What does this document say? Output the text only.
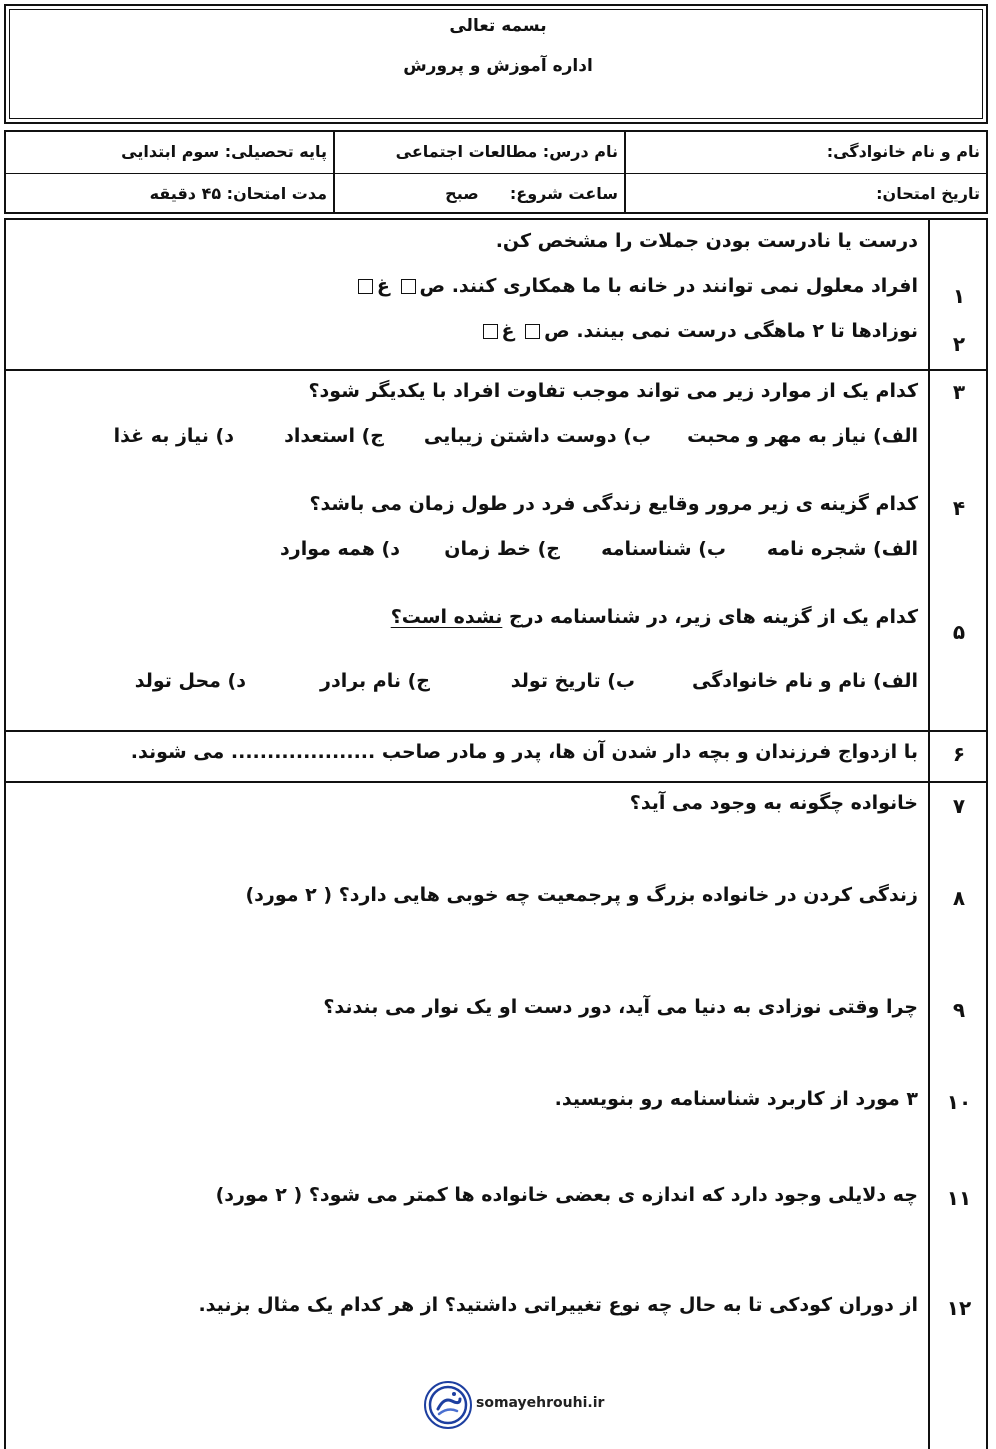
بسمه تعالی
اداره آموزش و پرورش
نام و نام خانوادگی:
نام درس: مطالعات اجتماعی
پایه تحصیلی: سوم ابتدایی
تاریخ امتحان:
ساعت شروع:  صبح
مدت امتحان: ۴۵ دقیقه
درست یا نادرست بودن جملات را مشخص کن.
۱
افراد معلول نمی توانند در خانه با ما همکاری کنند. ص غ
۲
نوزادها تا ۲ ماهگی درست نمی بینند. ص غ
۳
کدام یک از موارد زیر می تواند موجب تفاوت افراد با یکدیگر شود؟
الف) نیاز به مهر و محبت
ب) دوست داشتن زیبایی
ج) استعداد
د) نیاز به غذا
۴
کدام گزینه ی زیر مرور وقایع زندگی فرد در طول زمان می باشد؟
الف) شجره نامه
ب) شناسنامه
ج) خط زمان
د) همه موارد
۵
کدام یک از گزینه های زیر، در شناسنامه درج نشده است؟
الف) نام و نام خانوادگی
ب) تاریخ تولد
ج) نام برادر
د) محل تولد
۶
با ازدواج فرزندان و بچه دار شدن آن ها، پدر و مادر صاحب .................... می شوند.
۷
خانواده چگونه به وجود می آید؟
۸
زندگی کردن در خانواده بزرگ و پرجمعیت چه خوبی هایی دارد؟ ( ۲ مورد)
۹
چرا وقتی نوزادی به دنیا می آید، دور دست او یک نوار می بندند؟
۱۰
۳ مورد از کاربرد شناسنامه رو بنویسید.
۱۱
چه دلایلی وجود دارد که اندازه ی بعضی خانواده ها کمتر می شود؟ ( ۲ مورد)
۱۲
از دوران کودکی تا به حال چه نوع تغییراتی داشتید؟ از هر کدام یک مثال بزنید.
somayehrouhi.ir
